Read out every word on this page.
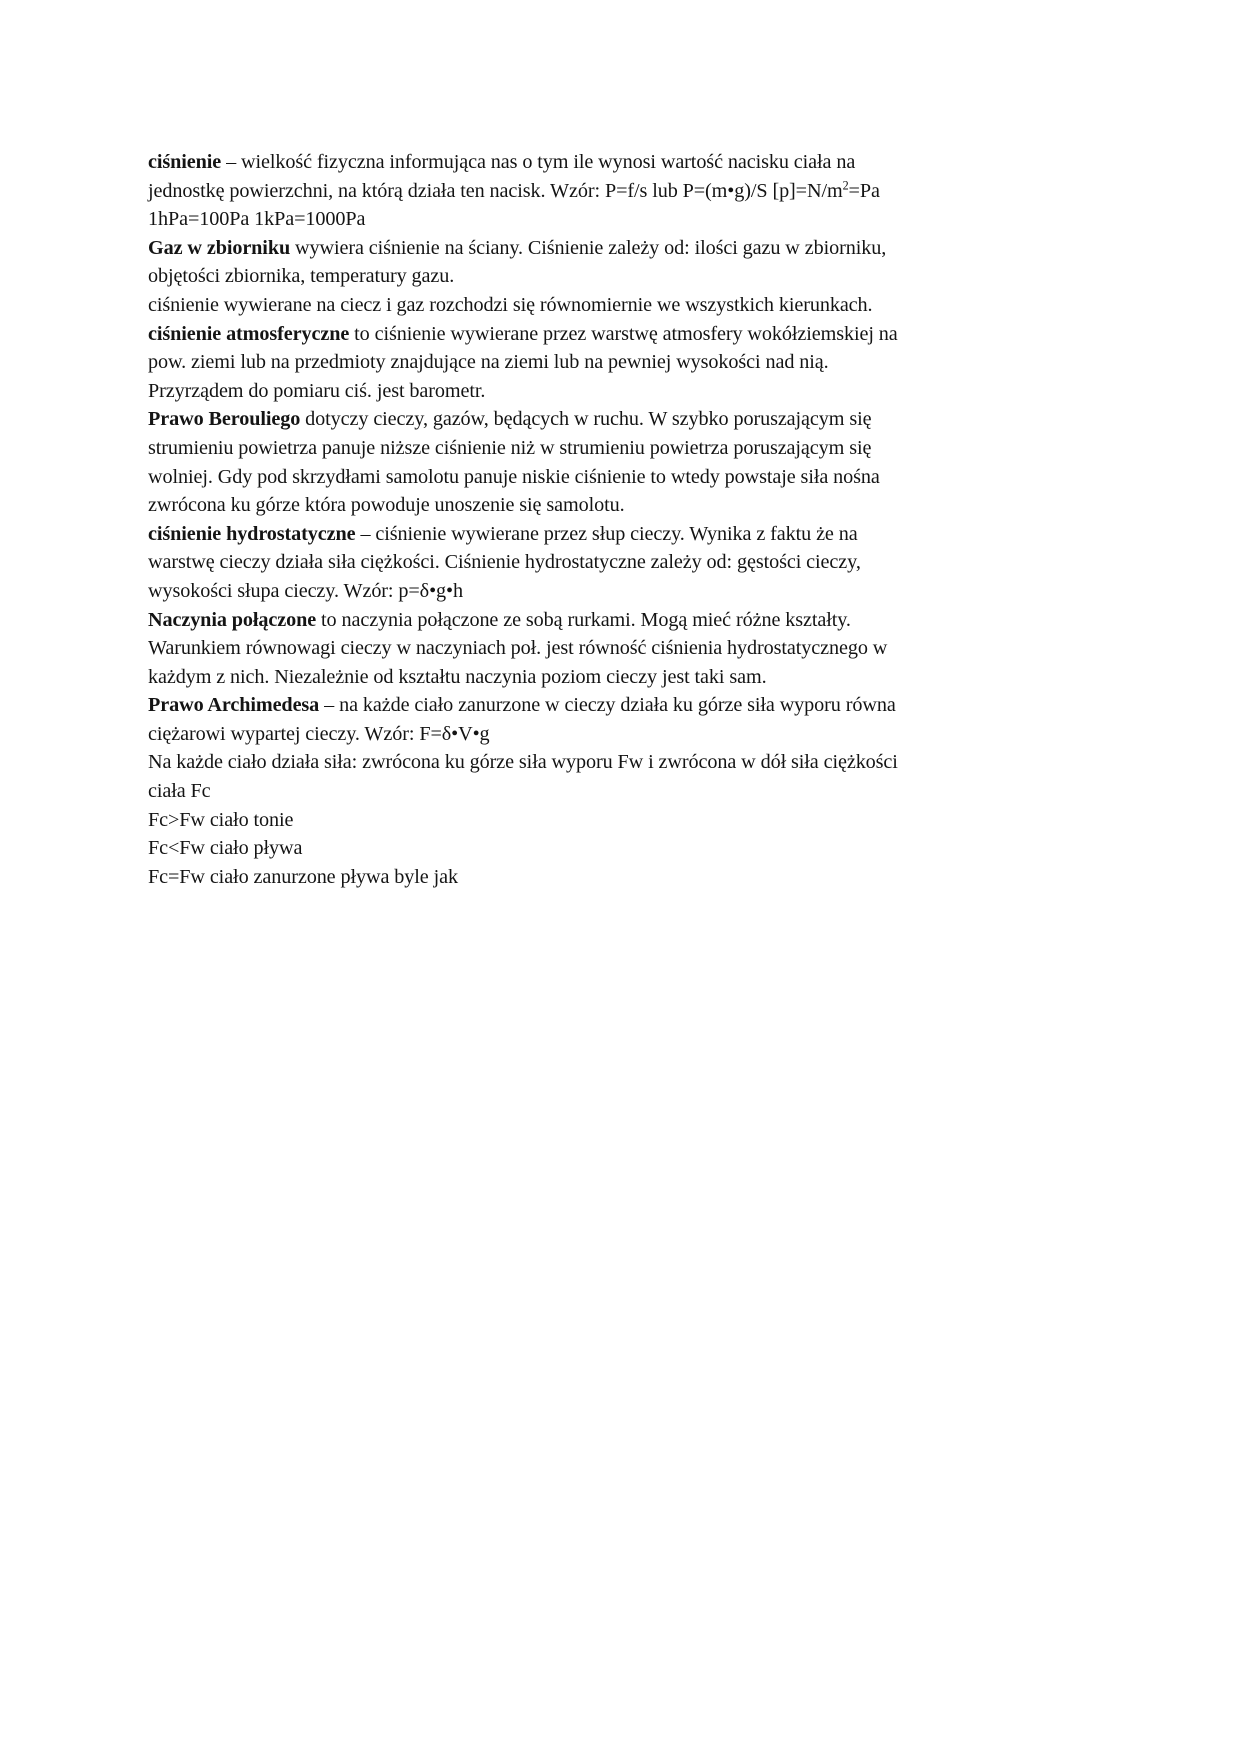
ciśnienie – wielkość fizyczna informująca nas o tym ile wynosi wartość nacisku ciała na
jednostkę powierzchni, na którą działa ten nacisk. Wzór: P=f/s lub P=(m•g)/S $[p]=N/m^2=Pa$
1hPa=100Pa 1kPa=1000Pa
Gaz w zbiorniku wywiera ciśnienie na ściany. Ciśnienie zależy od: ilości gazu w zbiorniku,
objętości zbiornika, temperatury gazu.
ciśnienie wywierane na ciecz i gaz rozchodzi się równomiernie we wszystkich kierunkach.
ciśnienie atmosferyczne to ciśnienie wywierane przez warstwę atmosfery wokółziemskiej na
pow. ziemi lub na przedmioty znajdujące na ziemi lub na pewniej wysokości nad nią.
Przyrządem do pomiaru ciś. jest barometr.
Prawo Berouliego dotyczy cieczy, gazów, będących w ruchu. W szybko poruszającym się
strumieniu powietrza panuje niższe ciśnienie niż w strumieniu powietrza poruszającym się
wolniej. Gdy pod skrzydłami samolotu panuje niskie ciśnienie to wtedy powstaje siła nośna
zwrócona ku górze która powoduje unoszenie się samolotu.
ciśnienie hydrostatyczne – ciśnienie wywierane przez słup cieczy. Wynika z faktu że na
warstwę cieczy działa siła ciężkości. Ciśnienie hydrostatyczne zależy od: gęstości cieczy,
wysokości słupa cieczy. Wzór: p=δ•g•h
Naczynia połączone to naczynia połączone ze sobą rurkami. Mogą mieć różne kształty.
Warunkiem równowagi cieczy w naczyniach poł. jest równość ciśnienia hydrostatycznego w
każdym z nich. Niezależnie od kształtu naczynia poziom cieczy jest taki sam.
Prawo Archimedesa – na każde ciało zanurzone w cieczy działa ku górze siła wyporu równa
ciężarowi wypartej cieczy. Wzór: F=δ•V•g
Na każde ciało działa siła: zwrócona ku górze siła wyporu Fw i zwrócona w dół siła ciężkości
ciała Fc
Fc>Fw ciało tonie
Fc<Fw ciało pływa
Fc=Fw ciało zanurzone pływa byle jak
